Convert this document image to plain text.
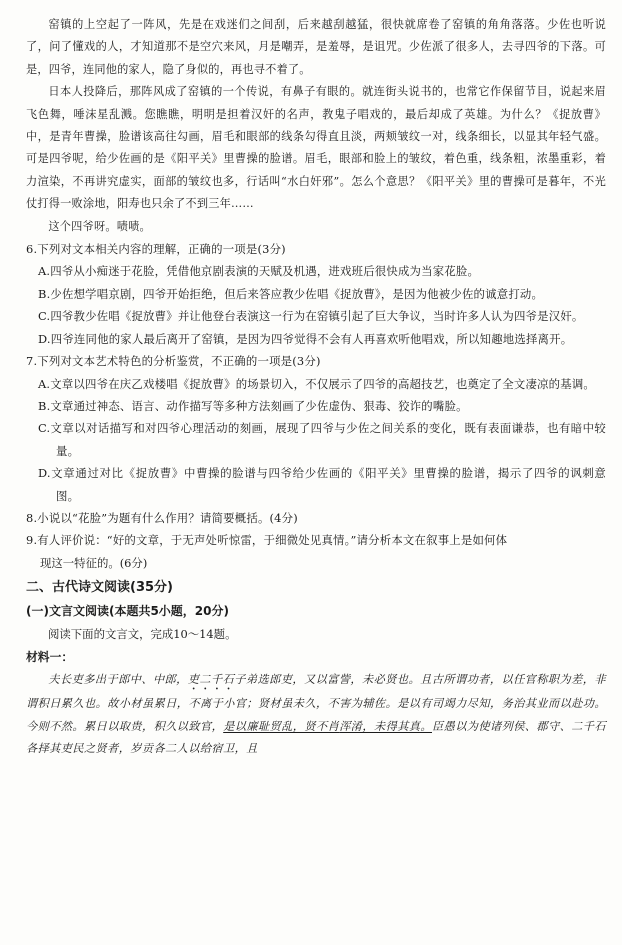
窑镇的上空起了一阵风，先是在戏迷们之间刮，后来越刮越猛，很快就席卷了窑镇的角角落落。少佐也听说了，问了懂戏的人，才知道那不是空穴来风，月是嘲弄，是羞辱，是诅咒。少佐派了很多人，去寻四爷的下落。可是，四爷，连同他的家人，隐了身似的，再也寻不着了。

日本人投降后，那阵风成了窑镇的一个传说，有鼻子有眼的。就连街头说书的，也常它作保留节目，说起来眉飞色舞，唾沫星乱溅。您瞧瞧，明明是担着汉奸的名声，教鬼子唱戏的，最后却成了英雄。为什么？《捉放曹》中，是青年曹操，脸谱该高往勾画，眉毛和眼部的线条勾得直且淡，两颊皱纹一对，线条细长，以显其年轻气盛。可是四爷呢，给少佐画的是《阳平关》里曹操的脸谱。眉毛，眼部和脸上的皱纹，着色重，线条粗，浓墨重彩，着力渲染，不再讲究虚实，面部的皱纹也多，行话叫“水白奸邪”。怎么个意思？《阳平关》里的曹操可是暮年，不光仗打得一败涂地，阳寿也只余了不到三年……

这个四爷呀。啧啧。

6.下列对文本相关内容的理解，正确的一项是(3分)

A.四爷从小痴迷于花脸，凭借他京剧表演的天赋及机遇，进戏班后很快成为当家花脸。

B.少佐想学唱京剧，四爷开始拒绝，但后来答应教少佐唱《捉放曹》，是因为他被少佐的诚意打动。

C.四爷教少佐唱《捉放曹》并让他登台表演这一行为在窑镇引起了巨大争议，当时许多人认为四爷是汉奸。

D.四爷连同他的家人最后离开了窑镇，是因为四爷觉得不会有人再喜欢听他唱戏，所以知趣地选择离开。

7.下列对文本艺术特色的分析鉴赏，不正确的一项是(3分)

A.文章以四爷在庆乙戏楼唱《捉放曹》的场景切入，不仅展示了四爷的高超技艺，也奠定了全文凄凉的基调。

B.文章通过神态、语言、动作描写等多种方法刻画了少佐虚伪、狠毒、狡诈的嘴脸。

C.文章以对话描写和对四爷心理活动的刻画，展现了四爷与少佐之间关系的变化，既有表面谦恭，也有暗中较量。

D.文章通过对比《捉放曹》中曹操的脸谱与四爷给少佐画的《阳平关》里曹操的脸谱，揭示了四爷的讽刺意图。

8.小说以“花脸”为题有什么作用？请简要概括。(4分)

9.有人评价说：“好的文章，于无声处听惊雷，于细微处见真情。”请分析本文在叙事上是如何体

现这一特征的。(6分)

二、古代诗文阅读(35分)

(一)文言文阅读(本题共5小题，20分)

阅读下面的文言文，完成10～14题。

材料一：

夫长吏多出于郎中、中郎，吏二千石子弟选郎吏，又以富訾，未必贤也。且古所谓功者，以任官称职为差，非谓积日累久也。故小材虽累日，不离于小官；贤材虽未久，不害为辅佐。是以有司竭力尽知，务治其业而以赴功。今则不然。累日以取贵，积久以致官，是以廉耻贸乱，贤不肖浑淆，未得其真。臣愚以为使诸列侯、郡守、二千石各择其吏民之贤者，岁贡各二人以给宿卫，且
